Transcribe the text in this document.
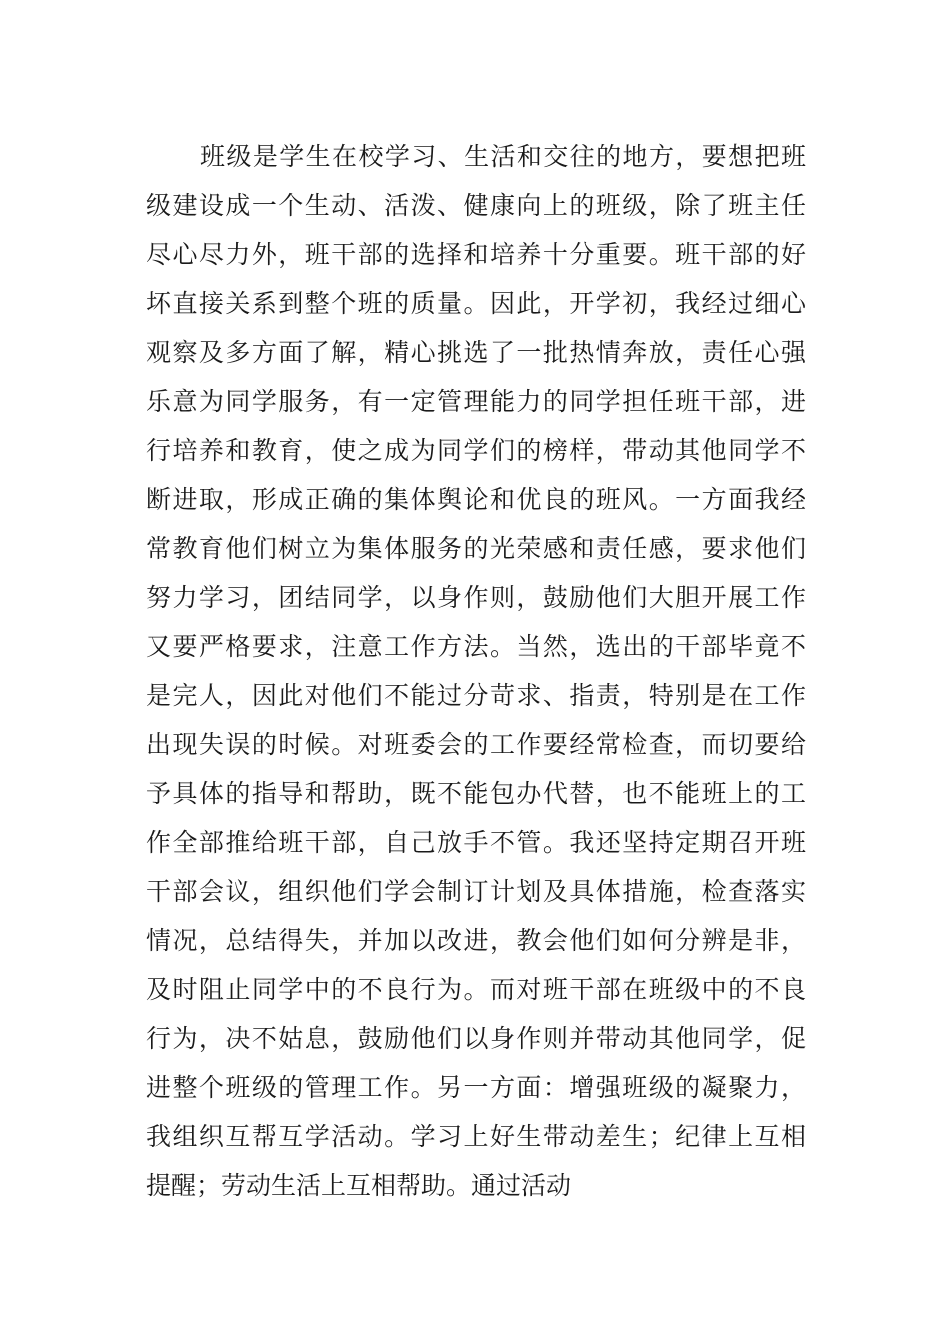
班级是学生在校学习、生活和交往的地方，要想把班
级建设成一个生动、活泼、健康向上的班级，除了班主任
尽心尽力外，班干部的选择和培养十分重要。班干部的好
坏直接关系到整个班的质量。因此，开学初，我经过细心
观察及多方面了解，精心挑选了一批热情奔放，责任心强
乐意为同学服务，有一定管理能力的同学担任班干部，进
行培养和教育，使之成为同学们的榜样，带动其他同学不
断进取，形成正确的集体舆论和优良的班风。一方面我经
常教育他们树立为集体服务的光荣感和责任感，要求他们
努力学习，团结同学，以身作则，鼓励他们大胆开展工作
又要严格要求，注意工作方法。当然，选出的干部毕竟不
是完人，因此对他们不能过分苛求、指责，特别是在工作
出现失误的时候。对班委会的工作要经常检查，而切要给
予具体的指导和帮助，既不能包办代替，也不能班上的工
作全部推给班干部，自己放手不管。我还坚持定期召开班
干部会议，组织他们学会制订计划及具体措施，检查落实
情况，总结得失，并加以改进，教会他们如何分辨是非，
及时阻止同学中的不良行为。而对班干部在班级中的不良
行为，决不姑息，鼓励他们以身作则并带动其他同学，促
进整个班级的管理工作。另一方面：增强班级的凝聚力，
我组织互帮互学活动。学习上好生带动差生；纪律上互相
提醒；劳动生活上互相帮助。通过活动
